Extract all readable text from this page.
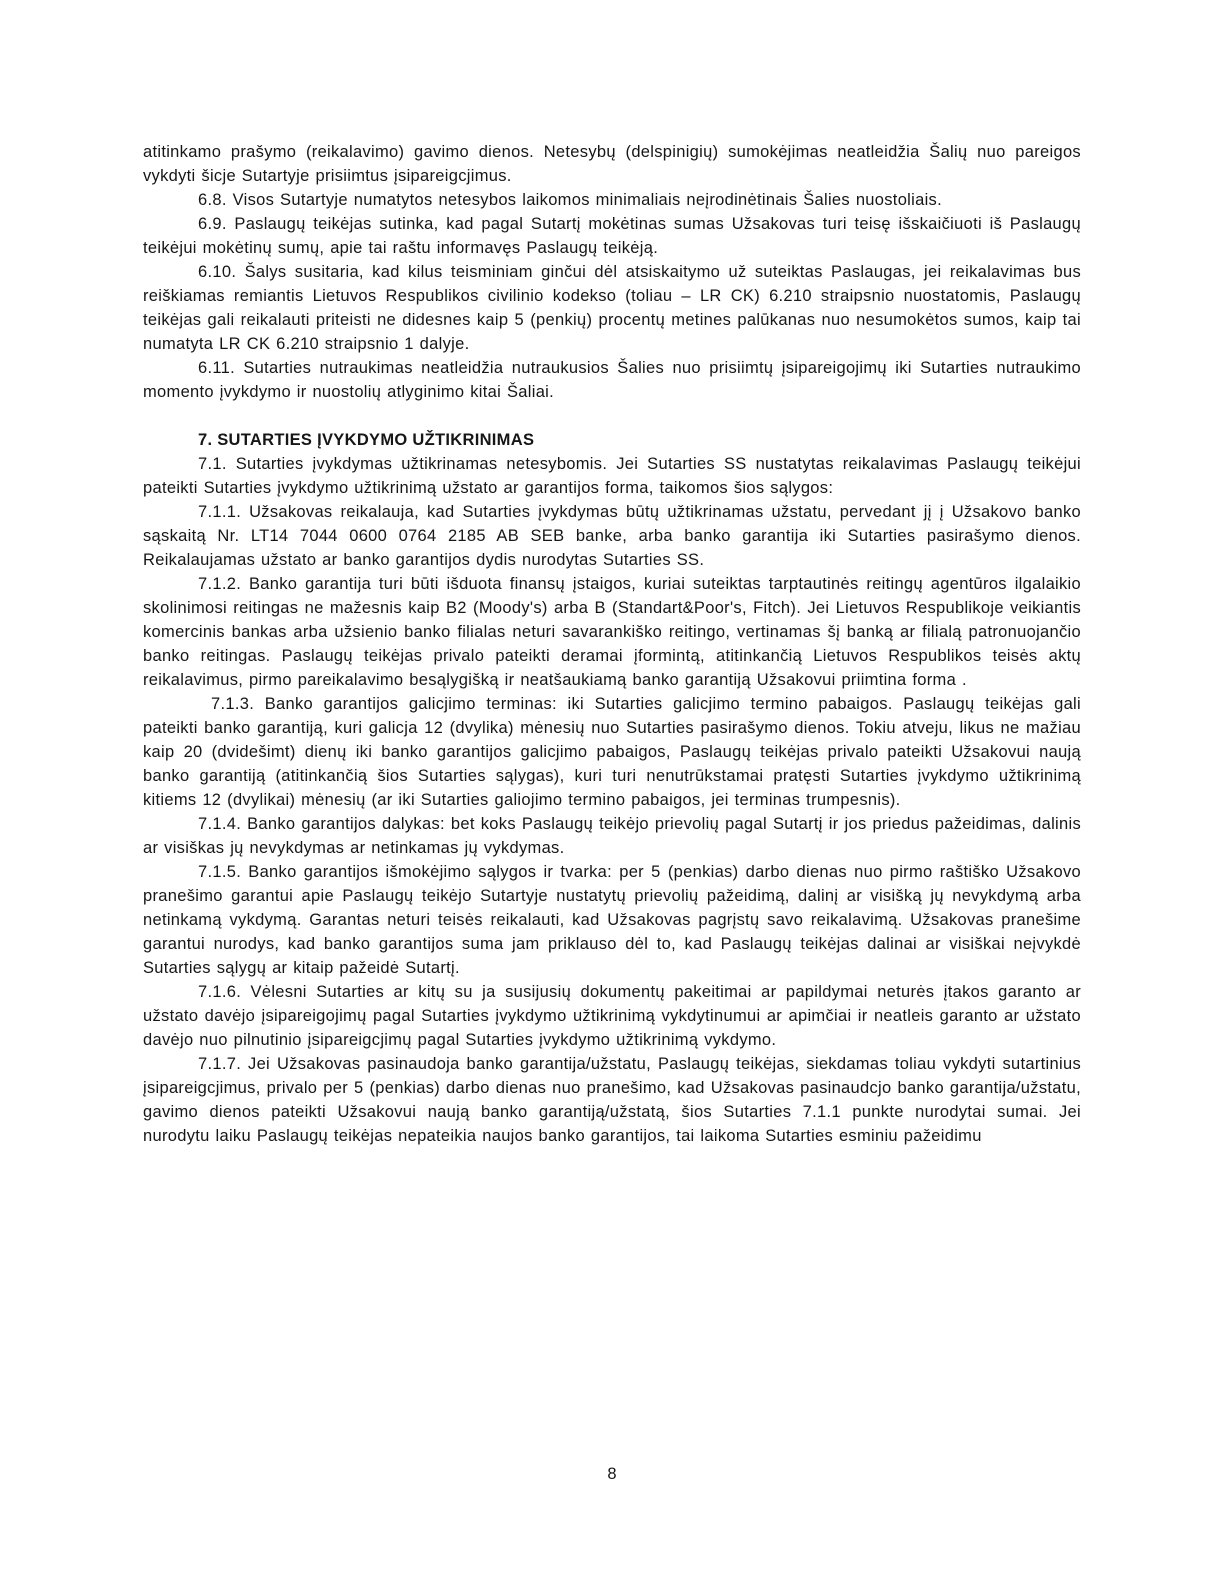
atitinkamo prašymo (reikalavimo) gavimo dienos. Netesybų (delspinigių) sumokėjimas neatleidžia Šalių nuo pareigos vykdyti šicje Sutartyje prisiimtus įsipareigcjimus.

6.8. Visos Sutartyje numatytos netesybos laikomos minimaliais neįrodinėtinais Šalies nuostoliais.

6.9. Paslaugų teikėjas sutinka, kad pagal Sutartį mokėtinas sumas Užsakovas turi teisę išskaičiuoti iš Paslaugų teikėjui mokėtinų sumų, apie tai raštu informavęs Paslaugų teikėją.

6.10. Šalys susitaria, kad kilus teisminiam ginčui dėl atsiskaitymo už suteiktas Paslaugas, jei reikalavimas bus reiškiamas remiantis Lietuvos Respublikos civilinio kodekso (toliau – LR CK) 6.210 straipsnio nuostatomis, Paslaugų teikėjas gali reikalauti priteisti ne didesnes kaip 5 (penkių) procentų metines palūkanas nuo nesumokėtos sumos, kaip tai numatyta LR CK 6.210 straipsnio 1 dalyje.

6.11. Sutarties nutraukimas neatleidžia nutraukusios Šalies nuo prisiimtų įsipareigojimų iki Sutarties nutraukimo momento įvykdymo ir nuostolių atlyginimo kitai Šaliai.

7. SUTARTIES ĮVYKDYMO UŽTIKRINIMAS

7.1. Sutarties įvykdymas užtikrinamas netesybomis. Jei Sutarties SS nustatytas reikalavimas Paslaugų teikėjui pateikti Sutarties įvykdymo užtikrinimą užstato ar garantijos forma, taikomos šios sąlygos:

7.1.1. Užsakovas reikalauja, kad Sutarties įvykdymas būtų užtikrinamas užstatu, pervedant jį į Užsakovo banko sąskaitą Nr. LT14 7044 0600 0764 2185 AB SEB banke, arba banko garantija iki Sutarties pasirašymo dienos. Reikalaujamas užstato ar banko garantijos dydis nurodytas Sutarties SS.

7.1.2. Banko garantija turi būti išduota finansų įstaigos, kuriai suteiktas tarptautinės reitingų agentūros ilgalaikio skolinimosi reitingas ne mažesnis kaip B2 (Moody's) arba B (Standart&Poor's, Fitch). Jei Lietuvos Respublikoje veikiantis komercinis bankas arba užsienio banko filialas neturi savarankiško reitingo, vertinamas šį banką ar filialą patronuojančio banko reitingas. Paslaugų teikėjas privalo pateikti deramai įformintą, atitinkančią Lietuvos Respublikos teisės aktų reikalavimus, pirmo pareikalavimo besąlygišką ir neatšaukiamą banko garantiją Užsakovui priimtina forma .

7.1.3. Banko garantijos galicjimo terminas: iki Sutarties galicjimo termino pabaigos. Paslaugų teikėjas gali pateikti banko garantiją, kuri galicja 12 (dvylika) mėnesių nuo Sutarties pasirašymo dienos. Tokiu atveju, likus ne mažiau kaip 20 (dvidešimt) dienų iki banko garantijos galicjimo pabaigos, Paslaugų teikėjas privalo pateikti Užsakovui naują banko garantiją (atitinkančią šios Sutarties sąlygas), kuri turi nenutrūkstamai pratęsti Sutarties įvykdymo užtikrinimą kitiems 12 (dvylikai) mėnesių (ar iki Sutarties galiojimo termino pabaigos, jei terminas trumpesnis).

7.1.4. Banko garantijos dalykas: bet koks Paslaugų teikėjo prievolių pagal Sutartį ir jos priedus pažeidimas, dalinis ar visiškas jų nevykdymas ar netinkamas jų vykdymas.

7.1.5. Banko garantijos išmokėjimo sąlygos ir tvarka: per 5 (penkias) darbo dienas nuo pirmo raštiško Užsakovo pranešimo garantui apie Paslaugų teikėjo Sutartyje nustatytų prievolių pažeidimą, dalinį ar visišką jų nevykdymą arba netinkamą vykdymą. Garantas neturi teisės reikalauti, kad Užsakovas pagrįstų savo reikalavimą. Užsakovas pranešime garantui nurodys, kad banko garantijos suma jam priklauso dėl to, kad Paslaugų teikėjas dalinai ar visiškai neįvykdė Sutarties sąlygų ar kitaip pažeidė Sutartį.

7.1.6. Vėlesni Sutarties ar kitų su ja susijusių dokumentų pakeitimai ar papildymai neturės įtakos garanto ar užstato davėjo įsipareigojimų pagal Sutarties įvykdymo užtikrinimą vykdytinumui ar apimčiai ir neatleis garanto ar užstato davėjo nuo pilnutinio įsipareigcjimų pagal Sutarties įvykdymo užtikrinimą vykdymo.

7.1.7. Jei Užsakovas pasinaudoja banko garantija/užstatu, Paslaugų teikėjas, siekdamas toliau vykdyti sutartinius įsipareigcjimus, privalo per 5 (penkias) darbo dienas nuo pranešimo, kad Užsakovas pasinaudcjo banko garantija/užstatu, gavimo dienos pateikti Užsakovui naują banko garantiją/užstatą, šios Sutarties 7.1.1 punkte nurodytai sumai. Jei nurodytu laiku Paslaugų teikėjas nepateikia naujos banko garantijos, tai laikoma Sutarties esminiu pažeidimu

8
